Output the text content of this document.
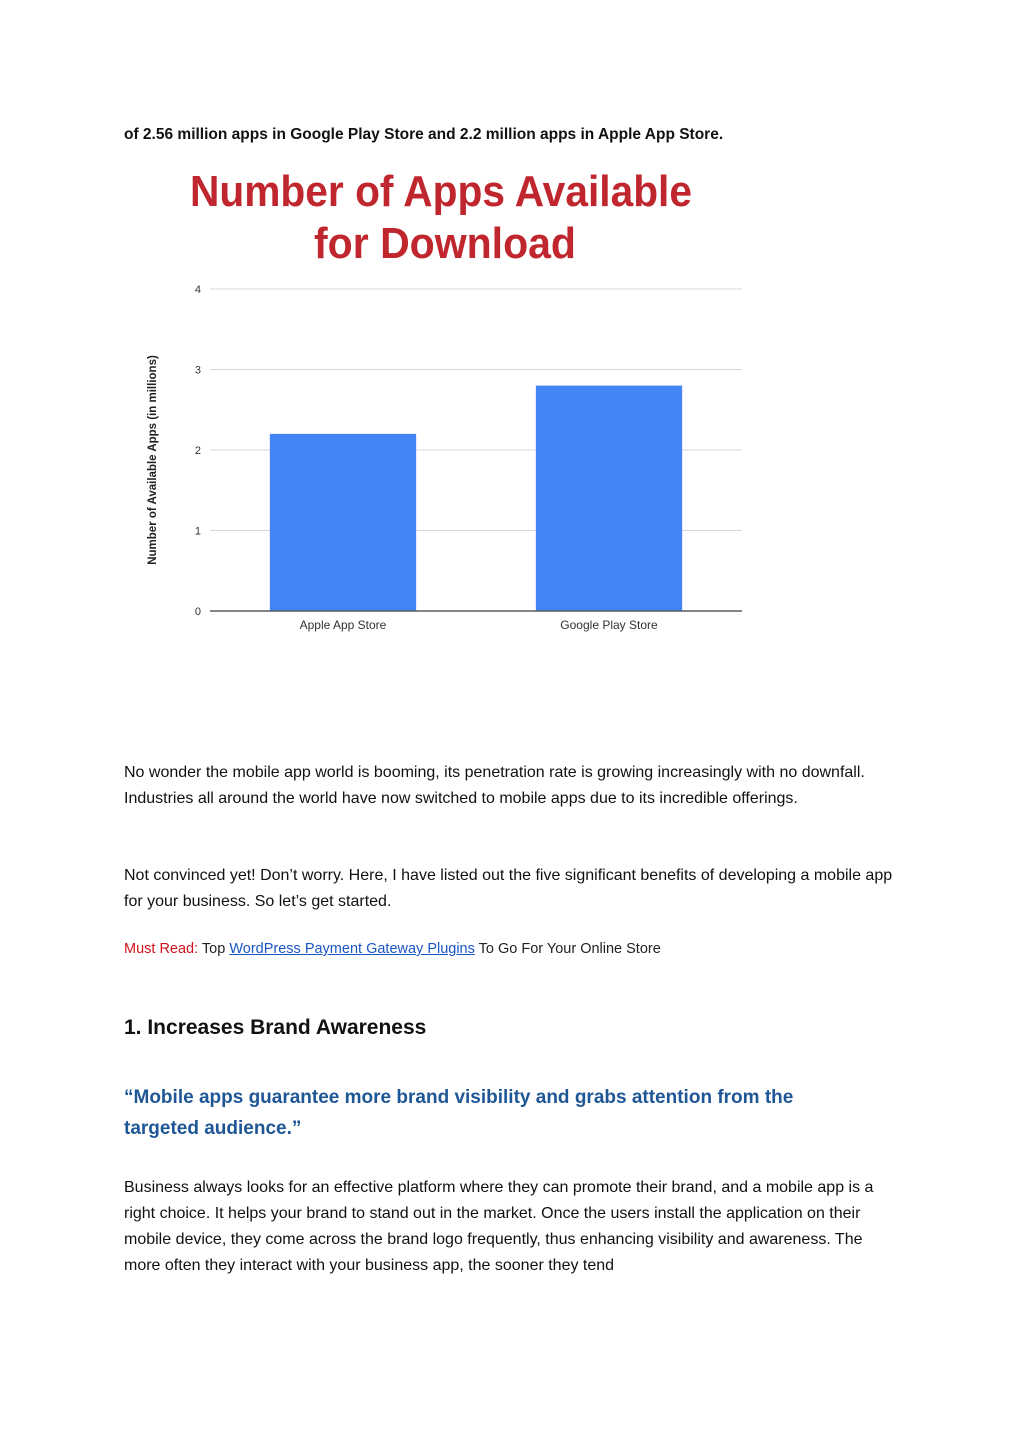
of 2.56 million apps in Google Play Store and 2.2 million apps in Apple App Store.

Number of Apps Available
for Download
0
1
2
3
4
Apple App Store	Google Play Store
Number of Available Apps (in millions)

No wonder the mobile app world is booming, its penetration rate is growing increasingly with no downfall. Industries all around the world have now switched to mobile apps due to its incredible offerings.

Not convinced yet! Don’t worry. Here, I have listed out the five significant benefits of developing a mobile app for your business. So let’s get started.

Must Read: Top WordPress Payment Gateway Plugins To Go For Your Online Store

1. Increases Brand Awareness

“Mobile apps guarantee more brand visibility and grabs attention from the targeted audience.”

Business always looks for an effective platform where they can promote their brand, and a mobile app is a right choice. It helps your brand to stand out in the market. Once the users install the application on their mobile device, they come across the brand logo frequently, thus enhancing visibility and awareness. The more often they interact with your business app, the sooner they tend
